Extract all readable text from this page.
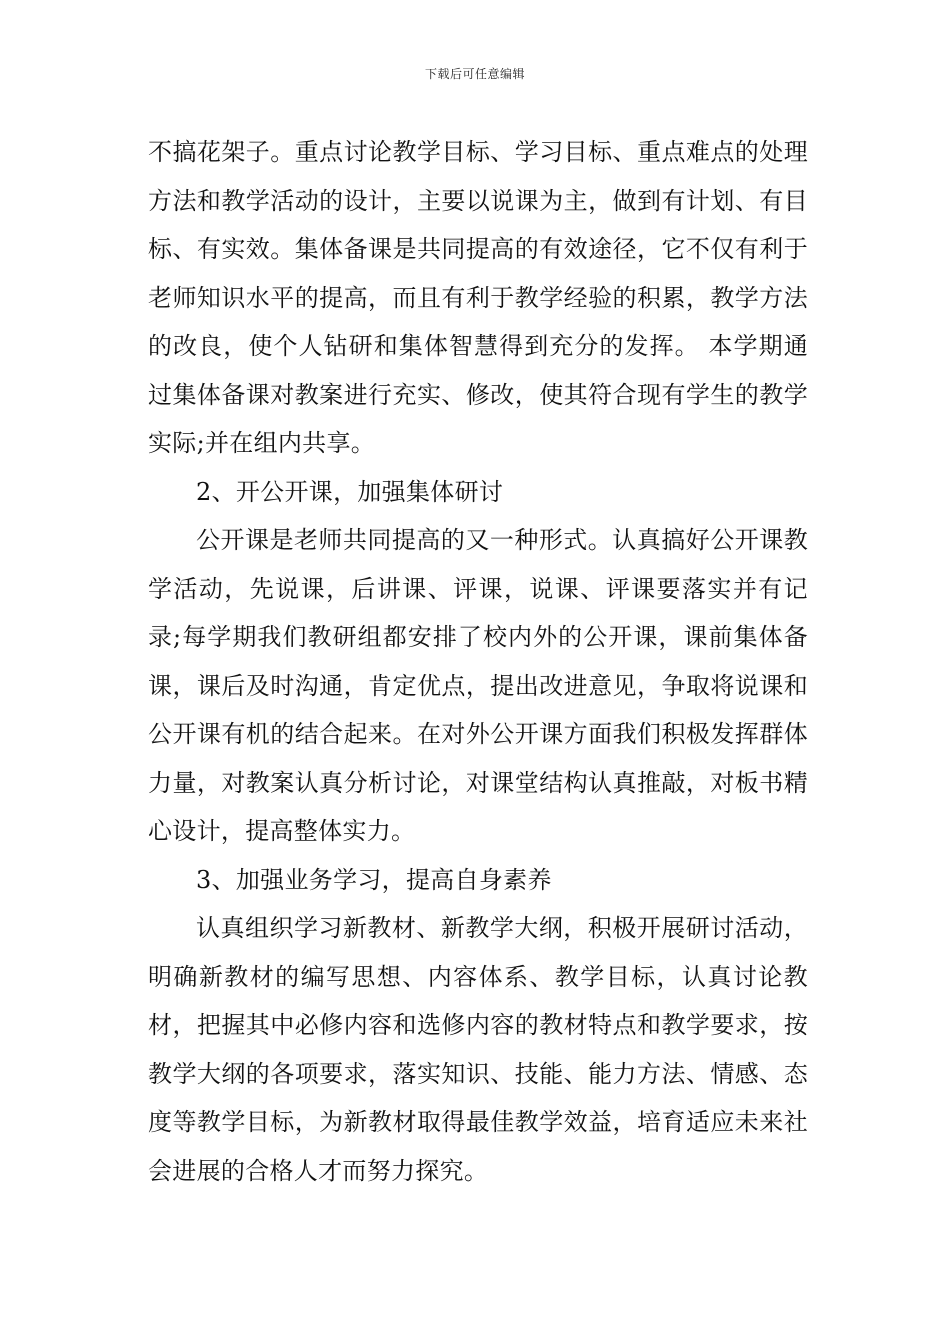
下载后可任意编辑

不搞花架子。重点讨论教学目标、学习目标、重点难点的处理方法和教学活动的设计，主要以说课为主，做到有计划、有目标、有实效。集体备课是共同提高的有效途径，它不仅有利于老师知识水平的提高，而且有利于教学经验的积累，教学方法的改良，使个人钻研和集体智慧得到充分的发挥。 本学期通过集体备课对教案进行充实、修改，使其符合现有学生的教学实际;并在组内共享。

2、开公开课，加强集体研讨

公开课是老师共同提高的又一种形式。认真搞好公开课教学活动，先说课，后讲课、评课，说课、评课要落实并有记录;每学期我们教研组都安排了校内外的公开课，课前集体备课，课后及时沟通，肯定优点，提出改进意见，争取将说课和公开课有机的结合起来。在对外公开课方面我们积极发挥群体力量，对教案认真分析讨论，对课堂结构认真推敲，对板书精心设计，提高整体实力。

3、加强业务学习，提高自身素养

认真组织学习新教材、新教学大纲，积极开展研讨活动，明确新教材的编写思想、内容体系、教学目标，认真讨论教材，把握其中必修内容和选修内容的教材特点和教学要求，按教学大纲的各项要求，落实知识、技能、能力方法、情感、态度等教学目标，为新教材取得最佳教学效益，培育适应未来社会进展的合格人才而努力探究。
